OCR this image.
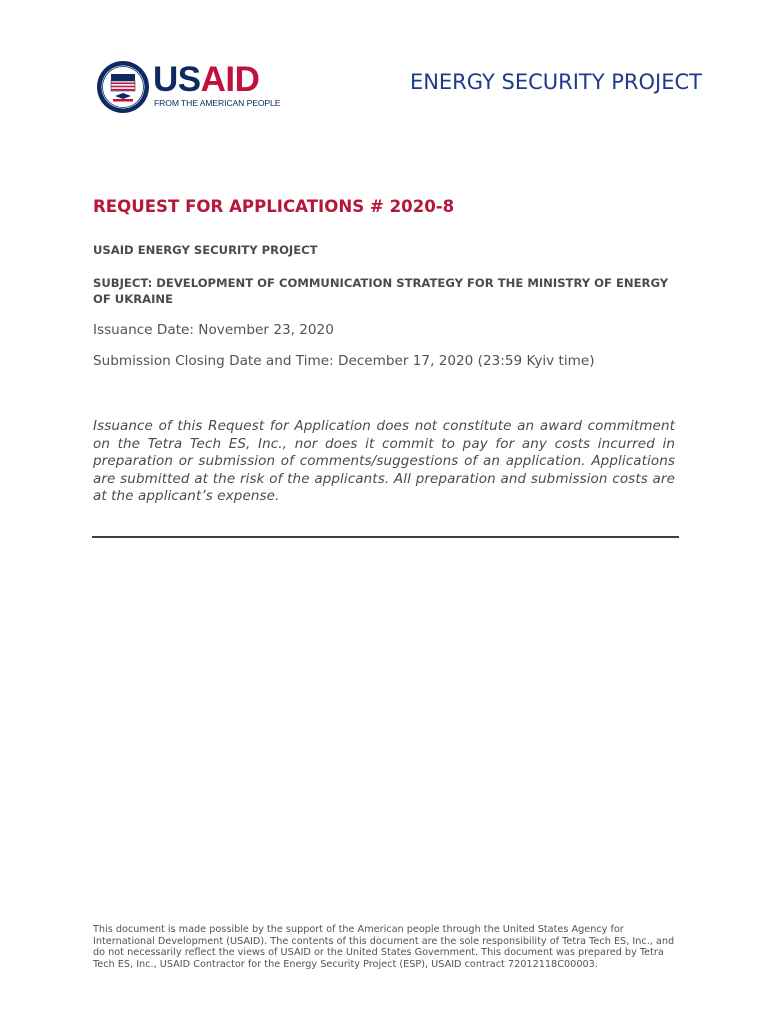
USAID
FROM THE AMERICAN PEOPLE
ENERGY SECURITY PROJECT
REQUEST FOR APPLICATIONS # 2020-8
USAID ENERGY SECURITY PROJECT
SUBJECT: DEVELOPMENT OF COMMUNICATION STRATEGY FOR THE MINISTRY OF ENERGY OF UKRAINE
Issuance Date: November 23, 2020
Submission Closing Date and Time: December 17, 2020 (23:59 Kyiv time)
Issuance of this Request for Application does not constitute an award commitment on the Tetra Tech ES, Inc., nor does it commit to pay for any costs incurred in preparation or submission of comments/suggestions of an application. Applications are submitted at the risk of the applicants. All preparation and submission costs are at the applicant’s expense.
This document is made possible by the support of the American people through the United States Agency for International Development (USAID). The contents of this document are the sole responsibility of Tetra Tech ES, Inc., and do not necessarily reflect the views of USAID or the United States Government. This document was prepared by Tetra Tech ES, Inc., USAID Contractor for the Energy Security Project (ESP), USAID contract 72012118C00003.
